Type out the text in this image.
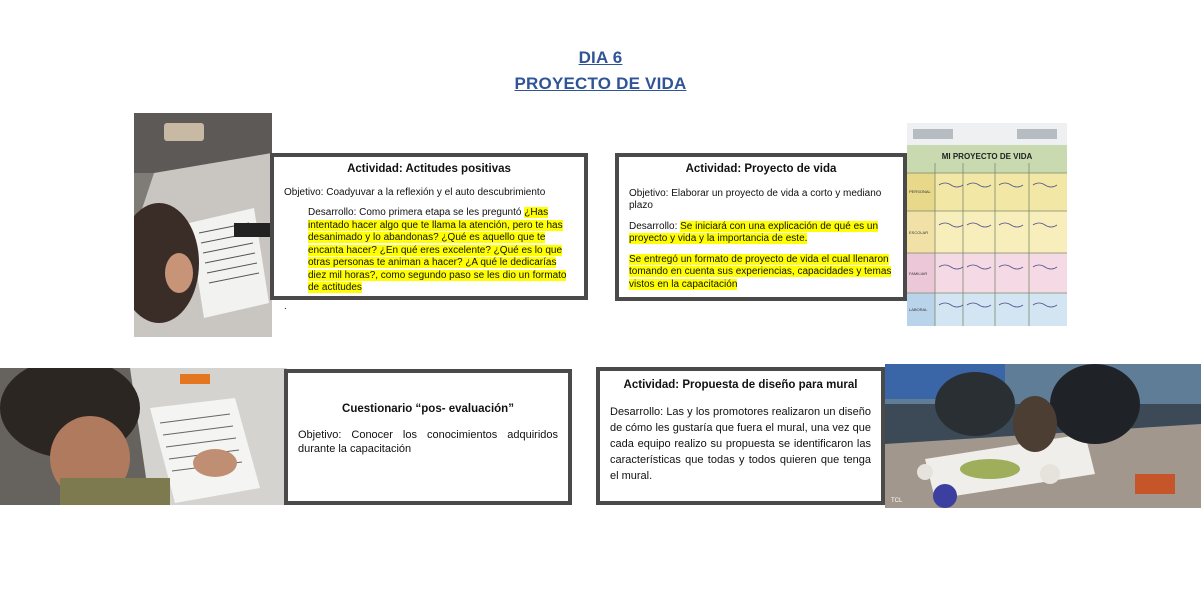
DIA 6
PROYECTO DE VIDA
Actividad: Actitudes positivas

Objetivo: Coadyuvar a la reflexión y el auto descubrimiento

Desarrollo: Como primera etapa se les preguntó ¿Has intentado hacer algo que te llama la atención, pero te has desanimado y lo abandonas? ¿Qué es aquello que te encanta hacer? ¿En qué eres excelente? ¿Qué es lo que otras personas te animan a hacer? ¿A qué le dedicarías diez mil horas?, como segundo paso se les dio un formato de actitudes

.

Actividad: Proyecto de vida

Objetivo: Elaborar un proyecto de vida a corto y mediano plazo

Desarrollo: Se iniciará con una explicación de qué es un proyecto y vida y la importancia de este.

Se entregó un formato de proyecto de vida el cual llenaron tomando en cuenta sus experiencias, capacidades y temas vistos en la capacitación

MI PROYECTO DE VIDA
PERSONAL
ESCOLAR
FAMILIAR
LABORAL
Cuestionario “pos- evaluación”

Objetivo: Conocer los conocimientos adquiridos durante la capacitación

Actividad: Propuesta de diseño para mural

Desarrollo: Las y los promotores realizaron un diseño de cómo les gustaría que fuera el mural, una vez que cada equipo realizo su propuesta se identificaron las características que todas y todos quieren que tenga el mural.

TCL
